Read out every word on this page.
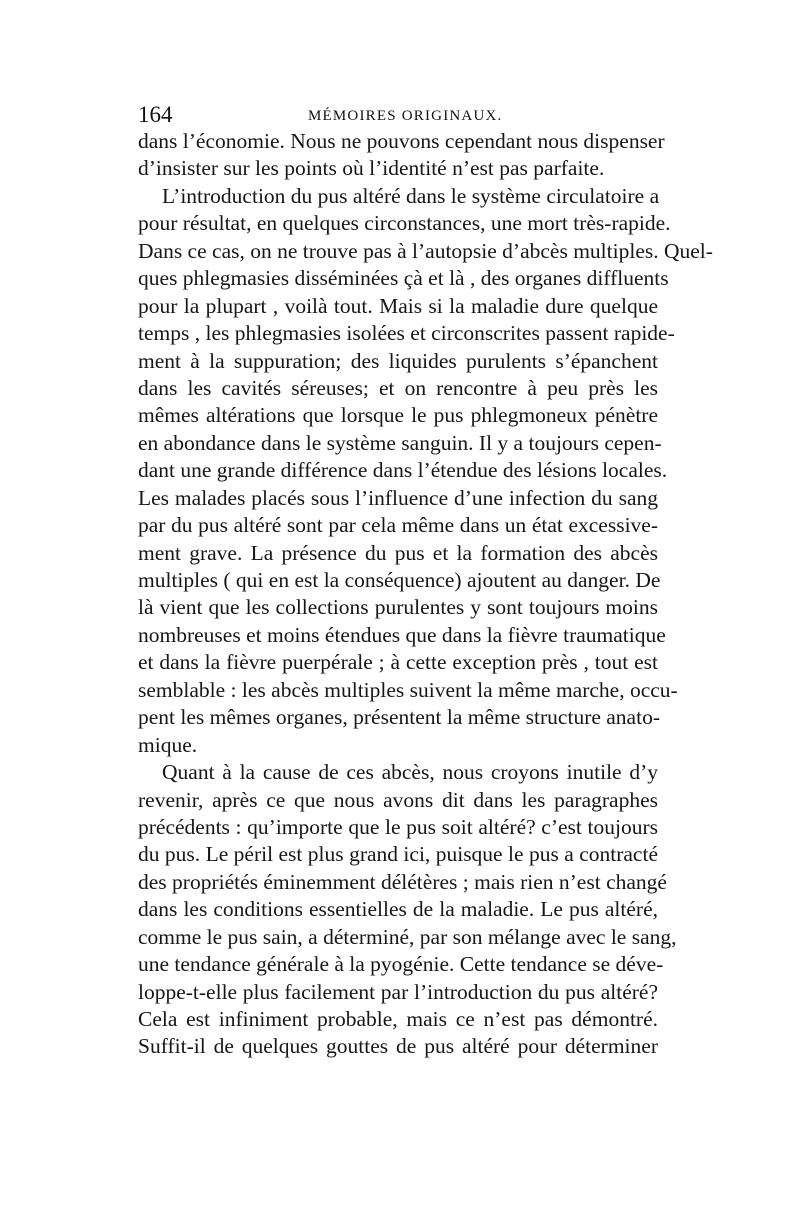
164	MÉMOIRES ORIGINAUX.
dans l’économie. Nous ne pouvons cependant nous dispenser
d’insister sur les points où l’identité n’est pas parfaite.
L’introduction du pus altéré dans le système circulatoire a
pour résultat, en quelques circonstances, une mort très-rapide.
Dans ce cas, on ne trouve pas à l’autopsie d’abcès multiples. Quel-
ques phlegmasies disséminées çà et là , des organes diffluents
pour la plupart , voilà tout. Mais si la maladie dure quelque
temps , les phlegmasies isolées et circonscrites passent rapide-
ment à la suppuration; des liquides purulents s’épanchent
dans les cavités séreuses; et on rencontre à peu près les
mêmes altérations que lorsque le pus phlegmoneux pénètre
en abondance dans le système sanguin. Il y a toujours cepen-
dant une grande différence dans l’étendue des lésions locales.
Les malades placés sous l’influence d’une infection du sang
par du pus altéré sont par cela même dans un état excessive-
ment grave. La présence du pus et la formation des abcès
multiples ( qui en est la conséquence) ajoutent au danger. De
là vient que les collections purulentes y sont toujours moins
nombreuses et moins étendues que dans la fièvre traumatique
et dans la fièvre puerpérale ; à cette exception près , tout est
semblable : les abcès multiples suivent la même marche, occu-
pent les mêmes organes, présentent la même structure anato-
mique.
Quant à la cause de ces abcès, nous croyons inutile d’y
revenir, après ce que nous avons dit dans les paragraphes
précédents : qu’importe que le pus soit altéré? c’est toujours
du pus. Le péril est plus grand ici, puisque le pus a contracté
des propriétés éminemment délétères ; mais rien n’est changé
dans les conditions essentielles de la maladie. Le pus altéré,
comme le pus sain, a déterminé, par son mélange avec le sang,
une tendance générale à la pyogénie. Cette tendance se déve-
loppe-t-elle plus facilement par l’introduction du pus altéré?
Cela est infiniment probable, mais ce n’est pas démontré.
Suffit-il de quelques gouttes de pus altéré pour déterminer
